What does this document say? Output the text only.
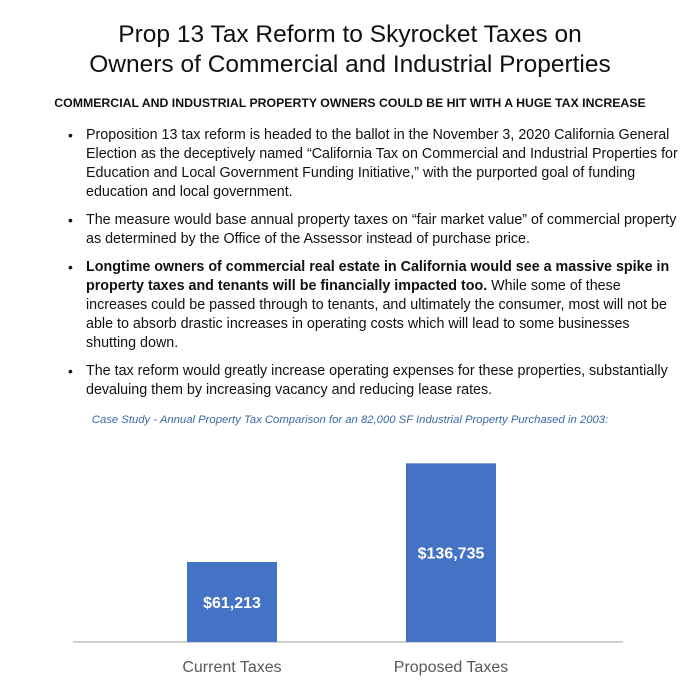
Prop 13 Tax Reform to Skyrocket Taxes on
Owners of Commercial and Industrial Properties

COMMERCIAL AND INDUSTRIAL PROPERTY OWNERS COULD BE HIT WITH A HUGE TAX INCREASE

• Proposition 13 tax reform is headed to the ballot in the November 3, 2020 California General Election as the deceptively named “California Tax on Commercial and Industrial Properties for Education and Local Government Funding Initiative,” with the purported goal of funding education and local government.
• The measure would base annual property taxes on “fair market value” of commercial property as determined by the Office of the Assessor instead of purchase price.
• Longtime owners of commercial real estate in California would see a massive spike in property taxes and tenants will be financially impacted too. While some of these increases could be passed through to tenants, and ultimately the consumer, most will not be able to absorb drastic increases in operating costs which will lead to some businesses shutting down.
• The tax reform would greatly increase operating expenses for these properties, substantially devaluing them by increasing vacancy and reducing lease rates.

Case Study - Annual Property Tax Comparison for an 82,000 SF Industrial Property Purchased in 2003:

$61,213
Current Taxes
$136,735
Proposed Taxes
